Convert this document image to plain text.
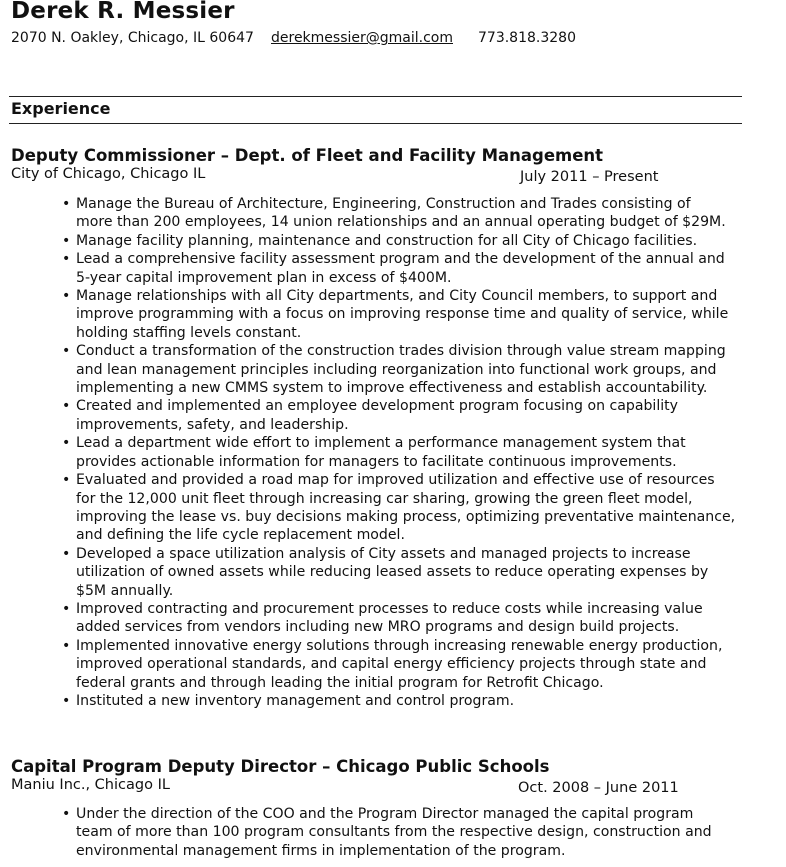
Derek R. Messier
2070 N. Oakley, Chicago, IL 60647 derekmessier@gmail.com 773.818.3280
Experience
Deputy Commissioner – Dept. of Fleet and Facility Management
City of Chicago, Chicago IL	July 2011 – Present
• Manage the Bureau of Architecture, Engineering, Construction and Trades consisting of
more than 200 employees, 14 union relationships and an annual operating budget of $29M.
• Manage facility planning, maintenance and construction for all City of Chicago facilities.
• Lead a comprehensive facility assessment program and the development of the annual and
5-year capital improvement plan in excess of $400M.
• Manage relationships with all City departments, and City Council members, to support and
improve programming with a focus on improving response time and quality of service, while
holding staffing levels constant.
• Conduct a transformation of the construction trades division through value stream mapping
and lean management principles including reorganization into functional work groups, and
implementing a new CMMS system to improve effectiveness and establish accountability.
• Created and implemented an employee development program focusing on capability
improvements, safety, and leadership.
• Lead a department wide effort to implement a performance management system that
provides actionable information for managers to facilitate continuous improvements.
• Evaluated and provided a road map for improved utilization and effective use of resources
for the 12,000 unit fleet through increasing car sharing, growing the green fleet model,
improving the lease vs. buy decisions making process, optimizing preventative maintenance,
and defining the life cycle replacement model.
• Developed a space utilization analysis of City assets and managed projects to increase
utilization of owned assets while reducing leased assets to reduce operating expenses by
$5M annually.
• Improved contracting and procurement processes to reduce costs while increasing value
added services from vendors including new MRO programs and design build projects.
• Implemented innovative energy solutions through increasing renewable energy production,
improved operational standards, and capital energy efficiency projects through state and
federal grants and through leading the initial program for Retrofit Chicago.
• Instituted a new inventory management and control program.
Capital Program Deputy Director – Chicago Public Schools
Maniu Inc., Chicago IL	Oct. 2008 – June 2011
• Under the direction of the COO and the Program Director managed the capital program
team of more than 100 program consultants from the respective design, construction and
environmental management firms in implementation of the program.
